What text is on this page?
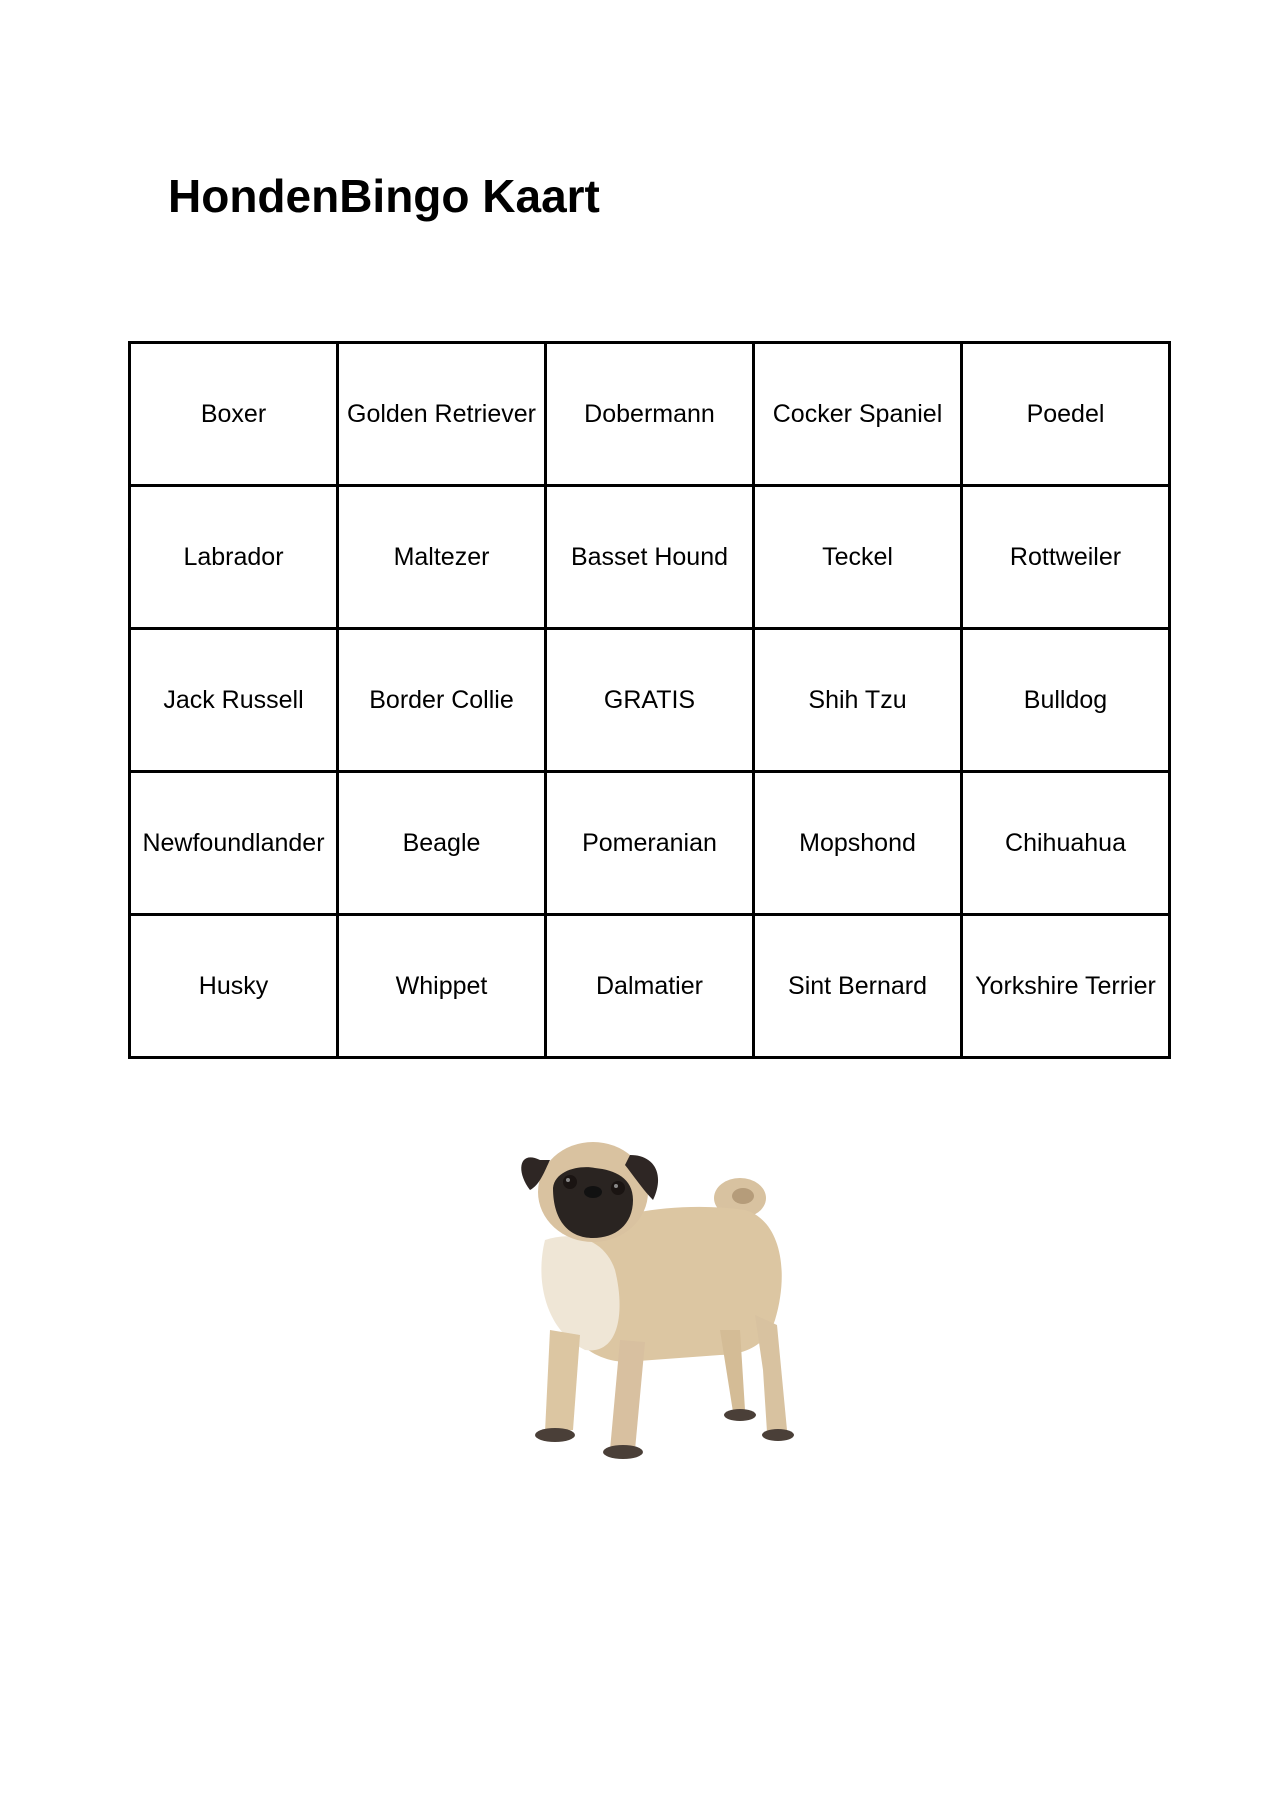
HondenBingo Kaart
Boxer	Golden Retriever	Dobermann	Cocker Spaniel	Poedel
Labrador	Maltezer	Basset Hound	Teckel	Rottweiler
Jack Russell	Border Collie	GRATIS	Shih Tzu	Bulldog
Newfoundlander	Beagle	Pomeranian	Mopshond	Chihuahua
Husky	Whippet	Dalmatier	Sint Bernard	Yorkshire Terrier
